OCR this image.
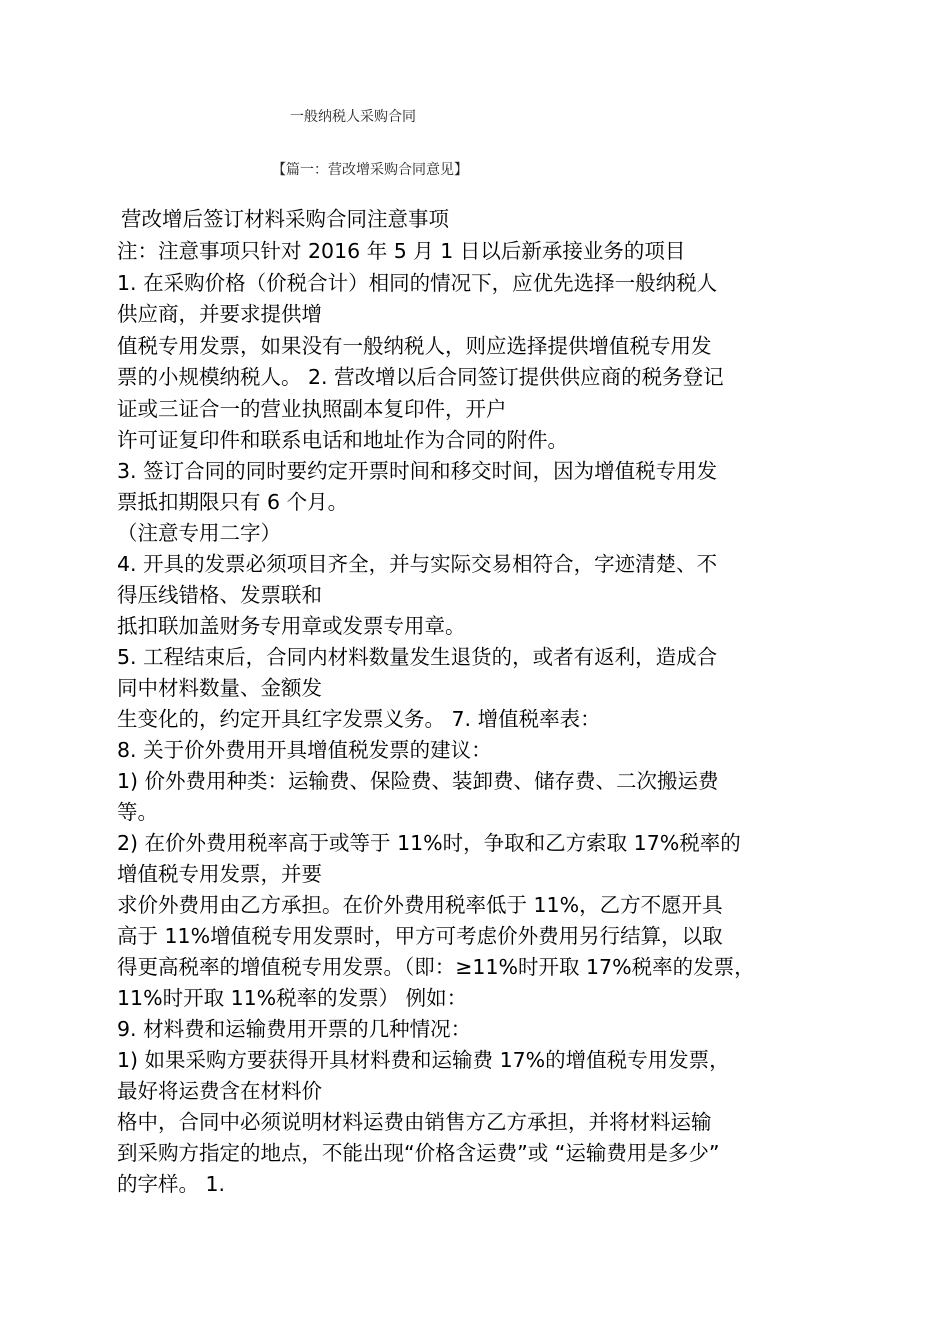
一般纳税人采购合同
【篇一：营改增采购合同意见】
营改增后签订材料采购合同注意事项
注：注意事项只针对 2016 年 5 月 1 日以后新承接业务的项目
1. 在采购价格（价税合计）相同的情况下，应优先选择一般纳税人
供应商，并要求提供增
值税专用发票，如果没有一般纳税人，则应选择提供增值税专用发
票的小规模纳税人。 2. 营改增以后合同签订提供供应商的税务登记
证或三证合一的营业执照副本复印件，开户
许可证复印件和联系电话和地址作为合同的附件。
3. 签订合同的同时要约定开票时间和移交时间，因为增值税专用发
票抵扣期限只有 6 个月。
（注意专用二字）
4. 开具的发票必须项目齐全，并与实际交易相符合，字迹清楚、不
得压线错格、发票联和
抵扣联加盖财务专用章或发票专用章。
5. 工程结束后，合同内材料数量发生退货的，或者有返利，造成合
同中材料数量、金额发
生变化的，约定开具红字发票义务。 7. 增值税率表：
8. 关于价外费用开具增值税发票的建议：
1) 价外费用种类：运输费、保险费、装卸费、储存费、二次搬运费
等。
2) 在价外费用税率高于或等于 11%时，争取和乙方索取 17%税率的
增值税专用发票，并要
求价外费用由乙方承担。在价外费用税率低于 11%，乙方不愿开具
高于 11%增值税专用发票时，甲方可考虑价外费用另行结算，以取
得更高税率的增值税专用发票。（即：≥11%时开取 17%税率的发票，
11%时开取 11%税率的发票） 例如：
9. 材料费和运输费用开票的几种情况：
1) 如果采购方要获得开具材料费和运输费 17%的增值税专用发票，
最好将运费含在材料价
格中，合同中必须说明材料运费由销售方乙方承担，并将材料运输
到采购方指定的地点，不能出现“价格含运费”或 “运输费用是多少”
的字样。 1.
